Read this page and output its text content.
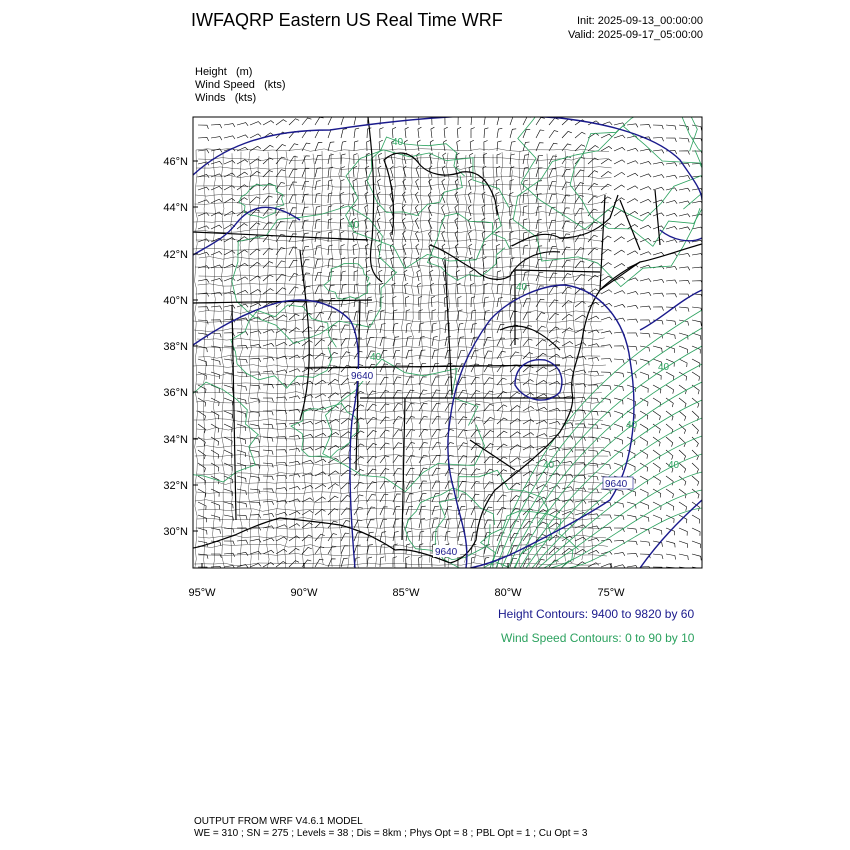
IWFAQRP Eastern US Real Time WRF	Init: 2025-09-13_00:00:00
Valid: 2025-09-17_05:00:00
Height (m)
Wind Speed (kts)
Winds (kts)
30°N
32°N
34°N
36°N
38°N
40°N
42°N
44°N
46°N
95°W	90°W	85°W	80°W	75°W
9640
9640
9640
40
40
40
40
40
40
40	40
Height Contours: 9400 to 9820 by 60
Wind Speed Contours: 0 to 90 by 10
OUTPUT FROM WRF V4.6.1 MODEL
WE = 310 ; SN = 275 ; Levels = 38 ; Dis = 8km ; Phys Opt = 8 ; PBL Opt = 1 ; Cu Opt = 3
